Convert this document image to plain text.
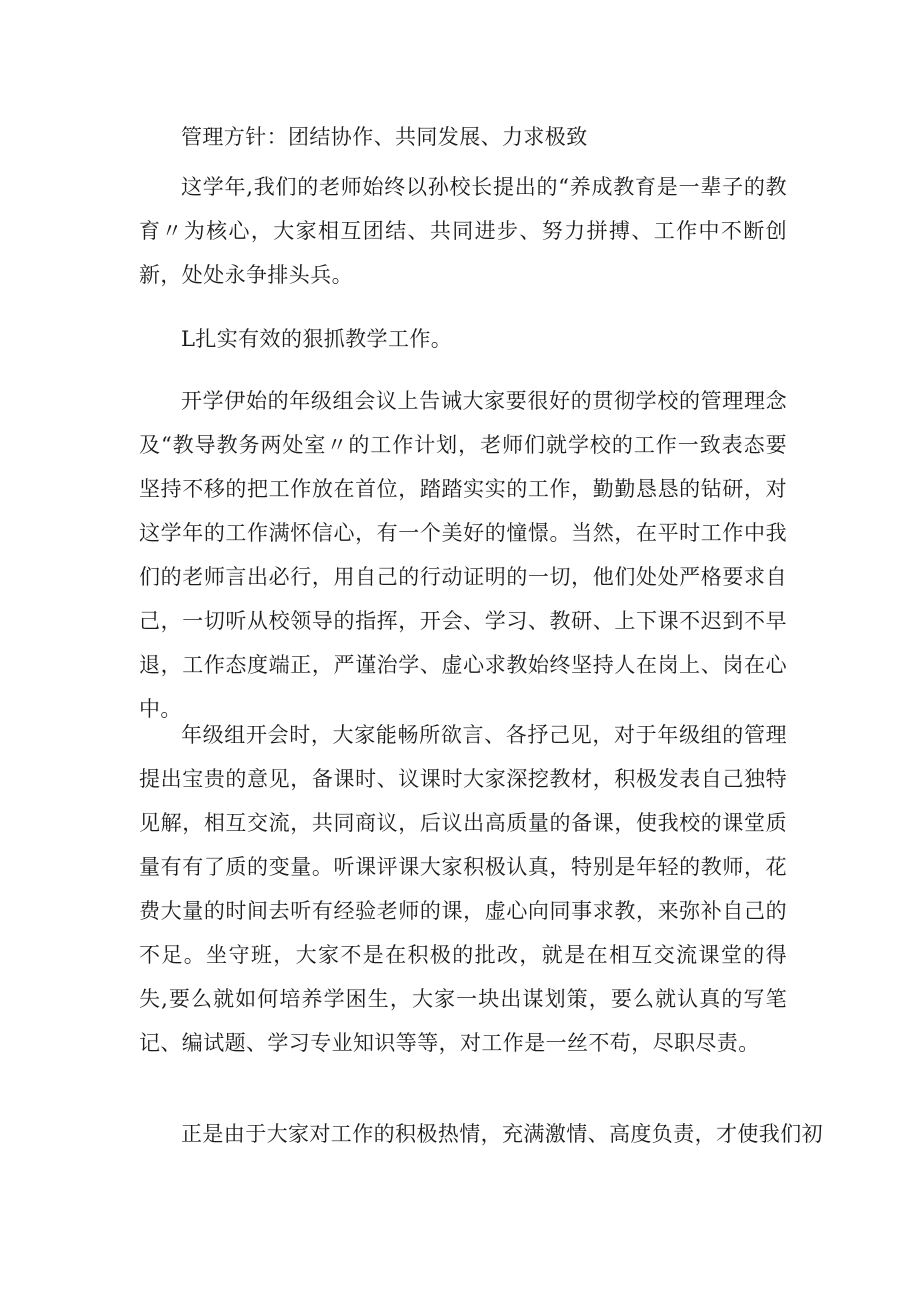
管理方针：团结协作、共同发展、力求极致

这学年,我们的老师始终以孙校长提出的“养成教育是一辈子的教育〃为核心，大家相互团结、共同进步、努力拼搏、工作中不断创新，处处永争排头兵。

L扎实有效的狠抓教学工作。

开学伊始的年级组会议上告诫大家要很好的贯彻学校的管理理念及“教导教务两处室〃的工作计划，老师们就学校的工作一致表态要坚持不移的把工作放在首位，踏踏实实的工作，勤勤恳恳的钻研，对这学年的工作满怀信心，有一个美好的憧憬。当然，在平时工作中我们的老师言出必行，用自己的行动证明的一切，他们处处严格要求自己，一切听从校领导的指挥，开会、学习、教研、上下课不迟到不早退，工作态度端正，严谨治学、虚心求教始终坚持人在岗上、岗在心中。

年级组开会时，大家能畅所欲言、各抒己见，对于年级组的管理提出宝贵的意见，备课时、议课时大家深挖教材，积极发表自己独特见解，相互交流，共同商议，后议出高质量的备课，使我校的课堂质量有有了质的变量。听课评课大家积极认真，特别是年轻的教师，花费大量的时间去听有经验老师的课，虚心向同事求教，来弥补自己的不足。坐守班，大家不是在积极的批改，就是在相互交流课堂的得失,要么就如何培养学困生，大家一块出谋划策，要么就认真的写笔记、编试题、学习专业知识等等，对工作是一丝不苟，尽职尽责。

正是由于大家对工作的积极热情，充满激情、高度负责，才使我们初
